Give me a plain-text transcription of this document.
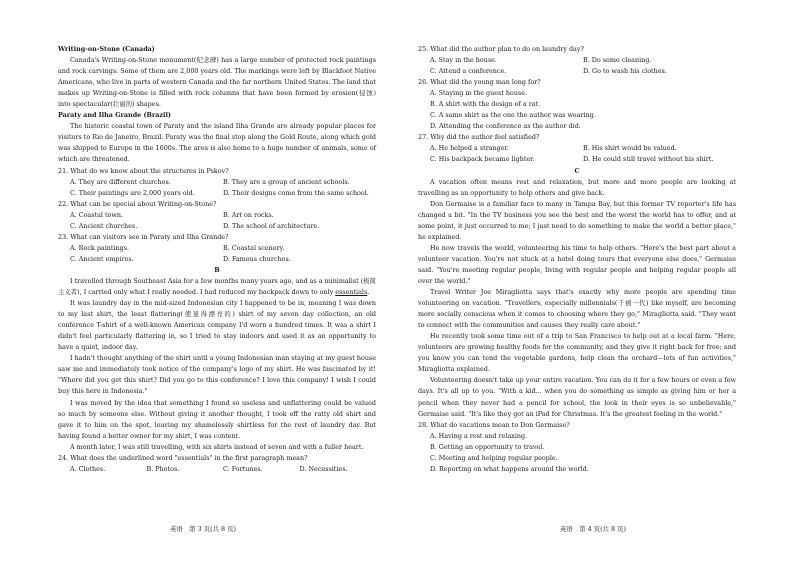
Writing-on-Stone (Canada)

Canada's Writing-on-Stone monument(纪念碑) has a large number of protected rock paintings and rock carvings. Some of them are 2,000 years old. The markings were left by Blackfoot Native Americans, who live in parts of western Canada and the far northern United States. The land that makes up Writing-on-Stone is filled with rock columns that have been formed by erosion(侵蚀) into spectacular(壮丽的) shapes.

Paraty and Ilha Grande (Brazil)

The historic coastal town of Paraty and the island Ilha Grande are already popular places for visitors to Rio de Janeiro, Brazil. Paraty was the final stop along the Gold Route, along which gold was shipped to Europe in the 1600s. The area is also home to a huge number of animals, some of which are threatened.

21. What do we know about the structures in Pskov?

A. They are different churches.	B. They are a group of ancient schools.
C. Their paintings are 2,000 years old.	D. Their designs come from the same school.

22. What can be special about Writing-on-Stone?

A. Coastal town.	B. Art on rocks.
C. Ancient churches.	D. The school of architecture.

23. What can visitors see in Paraty and Ilha Grande?

A. Rock paintings.	B. Coastal scenery.
C. Ancient empires.	D. Famous churches.

B

I travelled through Southeast Asia for a few months many years ago, and as a minimalist (极简主义者), I carried only what I really needed. I had reduced my backpack down to only essentials.

It was laundry day in the mid-sized Indonesian city I happened to be in, meaning I was down to my last shirt, the least flattering(使显得漂亮的) shirt of my seven day collection, an old conference T-shirt of a well-known American company I'd worn a hundred times. It was a shirt I didn't feel particularly flattering in, so I tried to stay indoors and used it as an opportunity to have a quiet, indoor day.

I hadn't thought anything of the shirt until a young Indonesian man staying at my guest house saw me and immediately took notice of the company's logo of my shirt. He was fascinated by it! "Where did you get this shirt? Did you go to this conference? I love this company! I wish I could buy this here in Indonesia."

I was moved by the idea that something I found so useless and unflattering could be valued so much by someone else. Without giving it another thought, I took off the ratty old shirt and gave it to him on the spot, leaving my shamelessly shirtless for the rest of laundry day. But having found a better owner for my shirt, I was content.

A month later, I was still travelling, with six shirts instead of seven and with a fuller heart.

24. What does the underlined word "essentials" in the first paragraph mean?

A. Clothes.	B. Photos.	C. Fortunes.	D. Necessities.

25. What did the author plan to do on laundry day?

A. Stay in the house.	B. Do some cleaning.
C. Attend a conference.	D. Go to wash his clothes.

26. What did the young man long for?

A. Staying in the guest house.

B. A shirt with the design of a rat.

C. A same shirt as the one the author was wearing.

D. Attending the conference as the author did.

27. Why did the author feel satisfied?

A. He helped a stranger.	B. His shirt would be valued.
C. His backpack became lighter.	D. He could still travel without his shirt.

C

A vacation often means rest and relaxation, but more and more people are looking at travelling as an opportunity to help others and give back.

Don Germaise is a familiar face to many in Tampa Bay, but this former TV reporter's life has changed a bit. "In the TV business you see the best and the worst the world has to offer, and at some point, it just occurred to me; I just need to do something to make the world a better place," he explained.

He now travels the world, volunteering his time to help others. "Here's the best part about a volunteer vacation. You're not stuck at a hotel doing tours that everyone else does," Germaise said. "You're meeting regular people, living with regular people and helping regular people all over the world."

Travel Writer Joe Miragliotta says that's exactly why more people are spending time volunteering on vacation. "Travellers, especially millennials(千禧一代) like myself, are becoming more socially conscious when it comes to choosing where they go," Miragliotta said. "They want to connect with the communities and causes they really care about."

He recently took some time out of a trip to San Francisco to help out at a local farm. "Here, volunteers are growing healthy foods for the community, and they give it right back for free; and you know you can tend the vegetable gardens, help clean the orchard—lots of fun activities," Miragliotta explained.

Volunteering doesn't take up your entire vacation. You can do it for a few hours or even a few days. It's all up to you. "With a kid... when you do something as simple as giving him or her a pencil when they never had a pencil for school, the look in their eyes is so unbelievable," Germaise said. "It's like they got an iPad for Christmas. It's the greatest feeling in the world."

28. What do vacations mean to Don Germaise?

A. Having a rest and relaxing.

B. Getting an opportunity to travel.

C. Meeting and helping regular people.

D. Reporting on what happens around the world.

英语　第 3 页(共 8 页)	英语　第 4 页(共 8 页)
